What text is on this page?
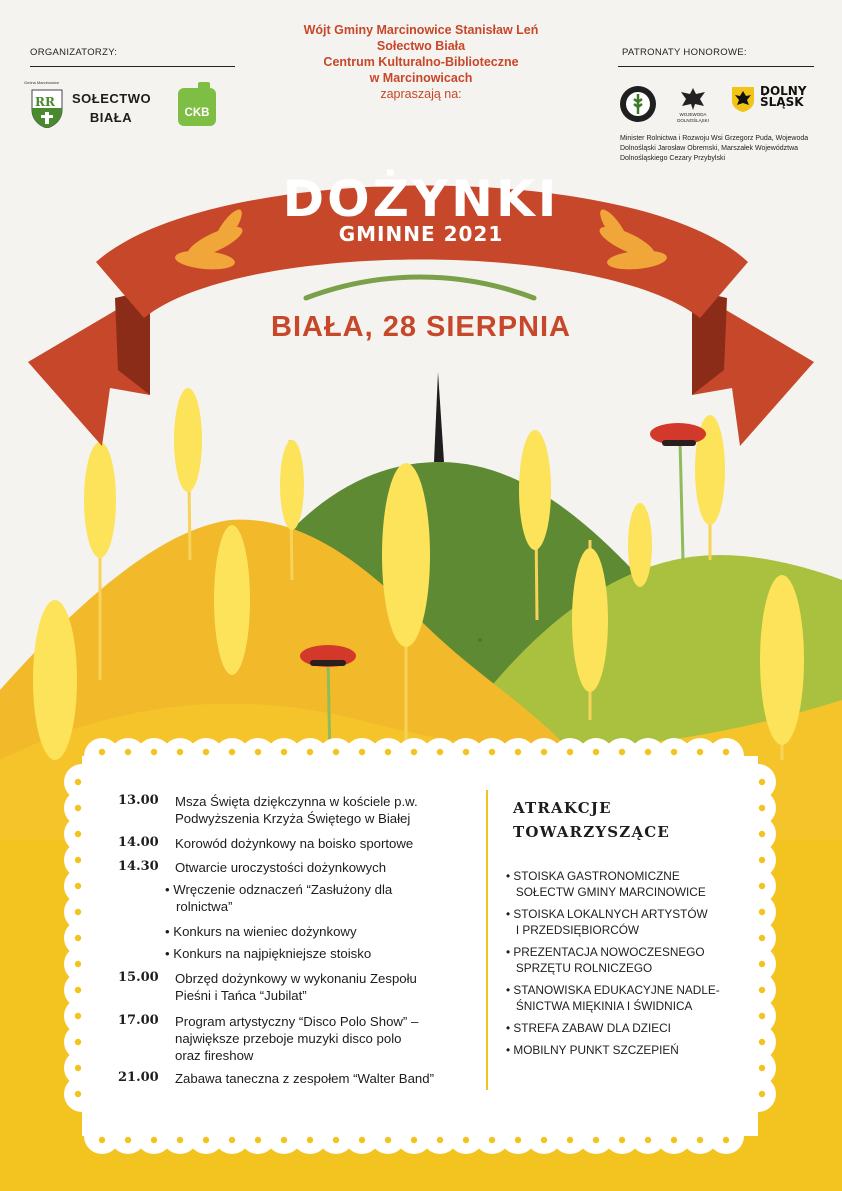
Wójt Gminy Marcinowice Stanisław Leń
Sołectwo Biała
Centrum Kulturalno-Biblioteczne
w Marcinowicach
zapraszają na:
ORGANIZATORZY:
RR
Gmina Marcinowice
SOŁECTWO
BIAŁA	CKB
PATRONATY HONOROWE:
WOJEWODA
DOLNOŚLĄSKI
DOLNY
ŚLĄSK
Minister Rolnictwa i Rozwoju Wsi Grzegorz Puda, Wojewoda Dolnośląski Jarosław Obremski, Marszałek Województwa Dolnośląskiego Cezary Przybylski
DOŻYNKI
GMINNE 2021
BIAŁA, 28 SIERPNIA
13.00 Msza Święta dziękczynna w kościele p.w.
Podwyższenia Krzyża Świętego w Białej
14.00 Korowód dożynkowy na boisko sportowe
14.30 Otwarcie uroczystości dożynkowych
• Wręczenie odznaczeń “Zasłużony dla
rolnictwa”
• Konkurs na wieniec dożynkowy
• Konkurs na najpiękniejsze stoisko
15.00 Obrzęd dożynkowy w wykonaniu Zespołu
Pieśni i Tańca “Jubilat”
17.00 Program artystyczny “Disco Polo Show” –
największe przeboje muzyki disco polo
oraz fireshow
21.00 Zabawa taneczna z zespołem “Walter Band”
ATRAKCJE
TOWARZYSZĄCE
• STOISKA GASTRONOMICZNE
SOŁECTW GMINY MARCINOWICE
• STOISKA LOKALNYCH ARTYSTÓW
I PRZEDSIĘBIORCÓW
• PREZENTACJA NOWOCZESNEGO
SPRZĘTU ROLNICZEGO
• STANOWISKA EDUKACYJNE NADLE-
ŚNICTWA MIĘKINIA I ŚWIDNICA
• STREFA ZABAW DLA DZIECI
• MOBILNY PUNKT SZCZEPIEŃ
